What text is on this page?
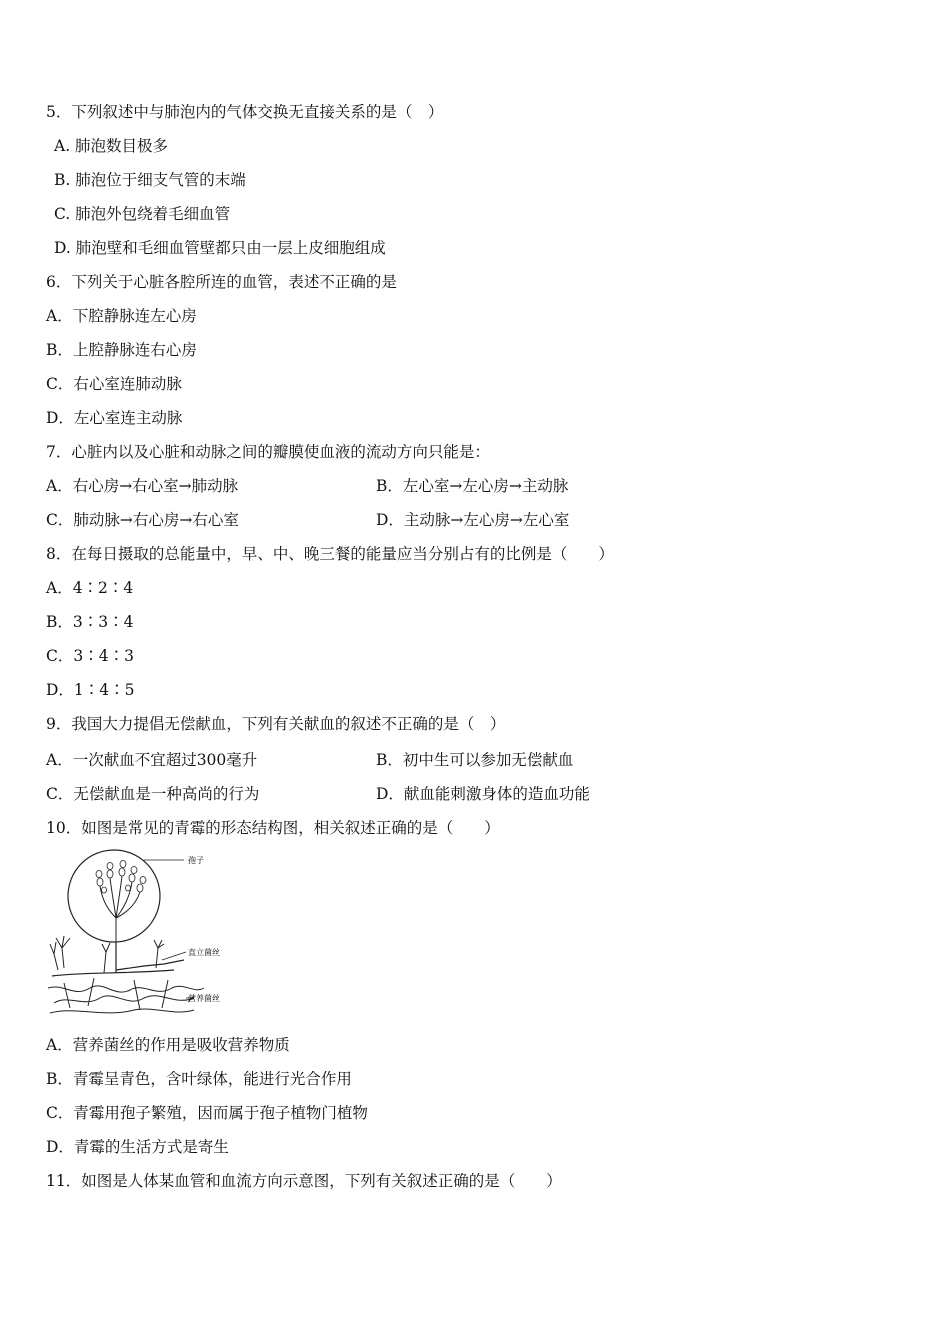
5．下列叙述中与肺泡内的气体交换无直接关系的是（　）
A. 肺泡数目极多
B. 肺泡位于细支气管的末端
C. 肺泡外包绕着毛细血管
D. 肺泡壁和毛细血管壁都只由一层上皮细胞组成
6．下列关于心脏各腔所连的血管，表述不正确的是
A．下腔静脉连左心房
B．上腔静脉连右心房
C．右心室连肺动脉
D．左心室连主动脉
7．心脏内以及心脏和动脉之间的瓣膜使血液的流动方向只能是：
A．右心房→右心室→肺动脉	B．左心室→左心房→主动脉
C．肺动脉→右心房→右心室	D．主动脉→左心房→左心室
8．在每日摄取的总能量中，早、中、晚三餐的能量应当分别占有的比例是（　　）
A．4∶2∶4
B．3∶3∶4
C．3∶4∶3
D．1∶4∶5
9．我国大力提倡无偿献血，下列有关献血的叙述不正确的是（　）
A．一次献血不宜超过300毫升	B．初中生可以参加无偿献血
C．无偿献血是一种高尚的行为	D．献血能刺激身体的造血功能
10．如图是常见的青霉的形态结构图，相关叙述正确的是（　　）
孢子
直立菌丝
营养菌丝
A．营养菌丝的作用是吸收营养物质
B．青霉呈青色，含叶绿体，能进行光合作用
C．青霉用孢子繁殖，因而属于孢子植物门植物
D．青霉的生活方式是寄生
11．如图是人体某血管和血流方向示意图，下列有关叙述正确的是（　　）
